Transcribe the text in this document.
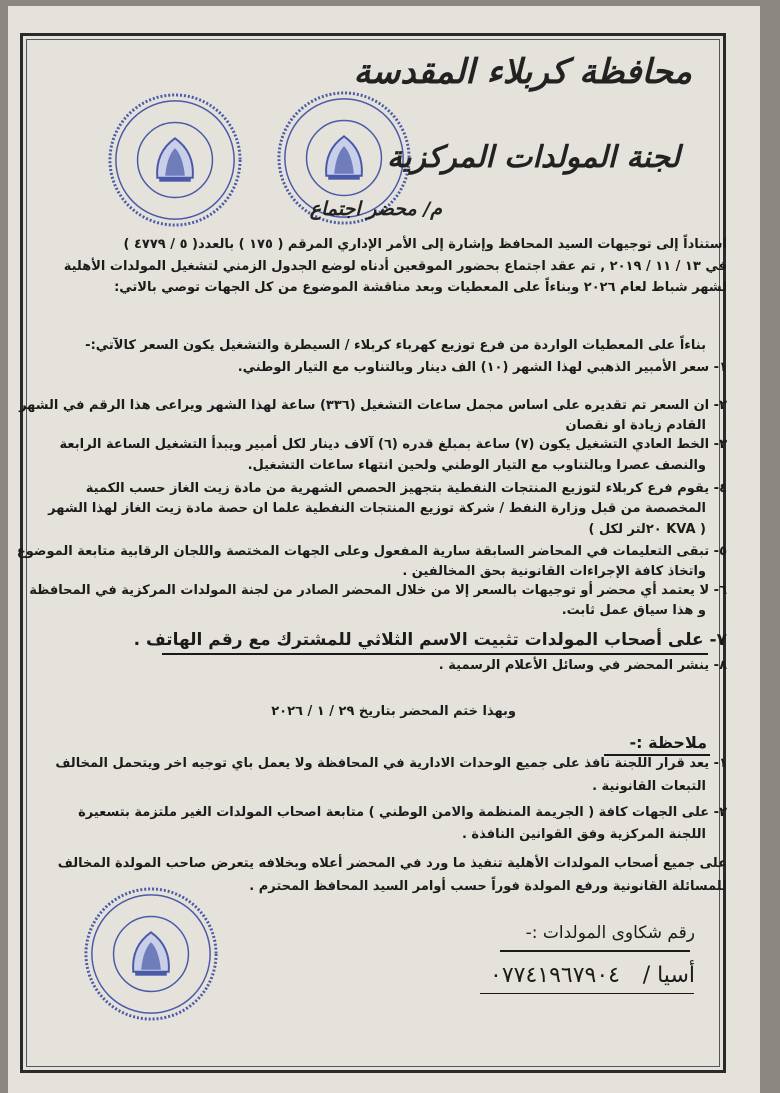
محافظة كربلاء المقدسة
لجنة المولدات المركزية
م/ محضر اجتماع
استناداً إلى توجيهات السيد المحافظ وإشارة إلى الأمر الإداري المرقم ( ١٧٥ ) بالعدد( ٥ / ٤٧٧٩ )
في ١٣ / ١١ / ٢٠١٩ , تم عقد اجتماع بحضور الموقعين أدناه لوضع الجدول الزمني لتشغيل المولدات الأهلية
لشهر شباط لعام ٢٠٢٦ وبناءاً على المعطيات وبعد مناقشة الموضوع من كل الجهات توصي بالاتي:
بناءاً على المعطيات الواردة من فرع توزيع كهرباء كربلاء / السيطرة والتشغيل يكون السعر كالآتي:-
١- سعر الأمبير الذهبي لهذا الشهر (١٠) الف دينار وبالتناوب مع التيار الوطني.
٢- ان السعر تم تقديره على اساس مجمل ساعات التشغيل (٣٣٦) ساعة لهذا الشهر ويراعى هذا الرقم في الشهر
القادم زيادة او نقصان
٣- الخط العادي التشغيل يكون (٧) ساعة بمبلغ قدره (٦) آلاف دينار لكل أمبير ويبدأ التشغيل الساعة الرابعة
والنصف عصرا وبالتناوب مع التيار الوطني ولحين انتهاء ساعات التشغيل.
٤- يقوم فرع كربلاء لتوزيع المنتجات النفطية بتجهيز الحصص الشهرية من مادة زيت الغاز حسب الكمية
المخصصة من قبل وزارة النفط / شركة توزيع المنتجات النفطية علما ان حصة مادة زيت الغاز لهذا الشهر
( ٢٠لتر لكل KVA )
٥- تبقى التعليمات في المحاضر السابقة سارية المفعول وعلى الجهات المختصة واللجان الرقابية متابعة الموضوع
واتخاذ كافة الإجراءات القانونية بحق المخالفين .
٦- لا يعتمد أي محضر أو توجيهات بالسعر إلا من خلال المحضر الصادر من لجنة المولدات المركزية في المحافظة
و هذا سياق عمل ثابت.
٧- على أصحاب المولدات تثبيت الاسم الثلاثي للمشترك مع رقم الهاتف .
٨- ينشر المحضر في وسائل الأعلام الرسمية .
وبهذا ختم المحضر بتاريخ ٢٩ / ١ / ٢٠٢٦
ملاحظة :-
١- يعد قرار اللجنة نافذ على جميع الوحدات الادارية في المحافظة ولا يعمل باي توجيه اخر ويتحمل المخالف
التبعات القانونية .
٢- على الجهات كافة ( الجريمة المنظمة والامن الوطني ) متابعة اصحاب المولدات الغير ملتزمة بتسعيرة
اللجنة المركزية وفق القوانين النافذة .
على جميع أصحاب المولدات الأهلية تنفيذ ما ورد في المحضر أعلاه وبخلافه يتعرض صاحب المولدة المخالف
للمسائلة القانونية ورفع المولدة فوراً حسب أوامر السيد المحافظ المحترم .
رقم شكاوى المولدات :-
أسيا /
٠٧٧٤١٩٦٧٩٠٤
